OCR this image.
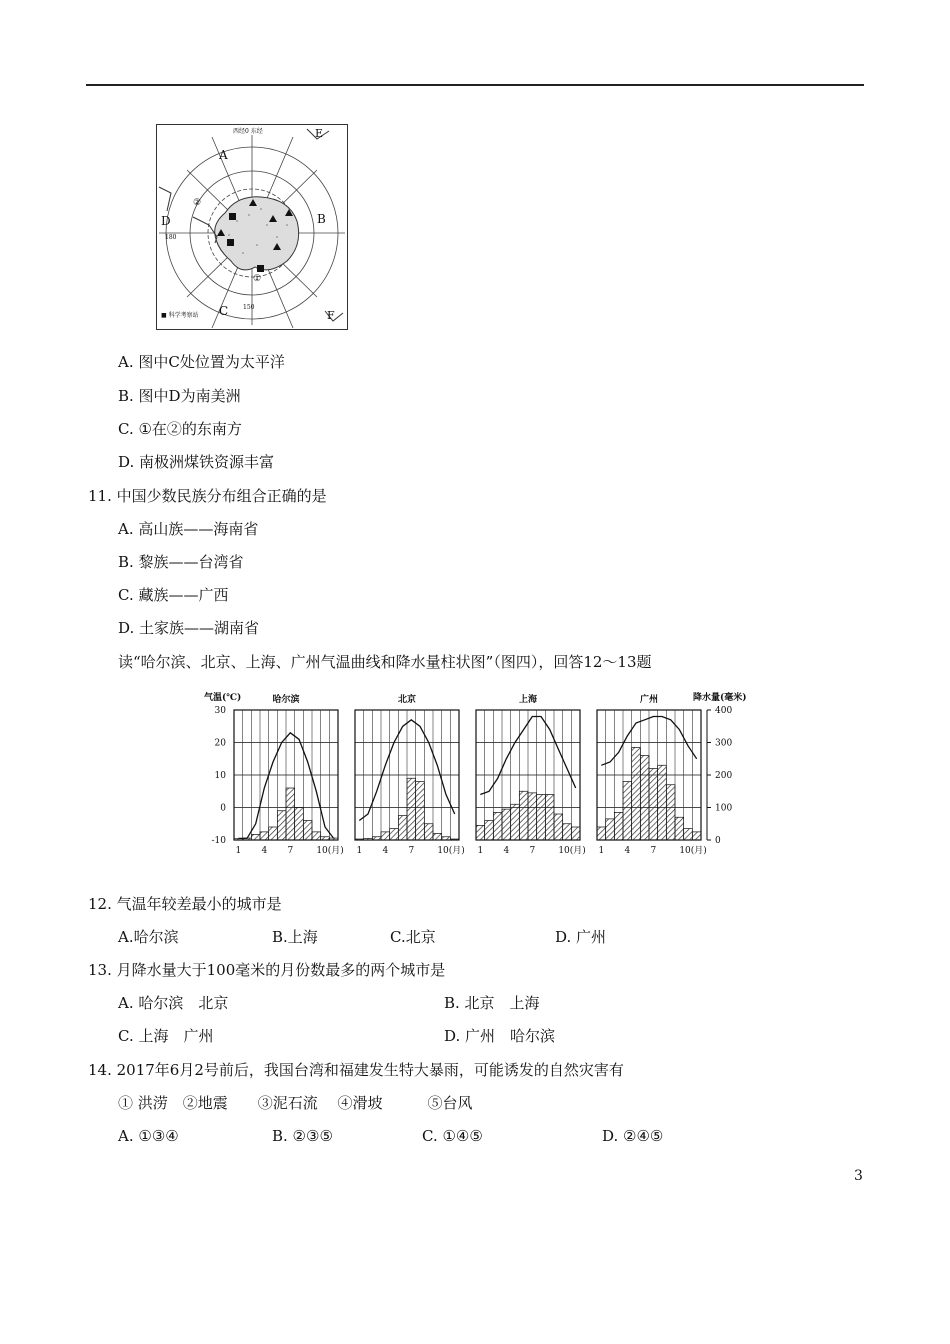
A
B
C
D
E
F
②
①
西经0 东经
180
150
■ 科学考察站
A. 图中C处位置为太平洋
B. 图中D为南美洲
C. ①在②的东南方
D. 南极洲煤铁资源丰富
11. 中国少数民族分布组合正确的是
A. 高山族——海南省
B. 黎族——台湾省
C. 藏族——广西
D. 土家族——湖南省
读“哈尔滨、北京、上海、广州气温曲线和降水量柱状图”（图四），回答12～13题
气温(℃)
30
20
10
0
-10
降水量(毫米)
400
300
200
100
0
哈尔滨
1 4 7	10(月)
北京
1 4 7	10(月)
上海
1 4 7	10(月)
广州
1 4 7	10(月)
12. 气温年较差最小的城市是
A.哈尔滨	B.上海	C.北京	D. 广州
13. 月降水量大于100毫米的月份数最多的两个城市是
A. 哈尔滨　北京	B. 北京　上海
C. 上海　广州	D. 广州　哈尔滨
14. 2017年6月2号前后，我国台湾和福建发生特大暴雨，可能诱发的自然灾害有
① 洪涝　②地震　　③泥石流　 ④滑坡　　　⑤台风
A. ①③④	B. ②③⑤	C. ①④⑤	D. ②④⑤
3
